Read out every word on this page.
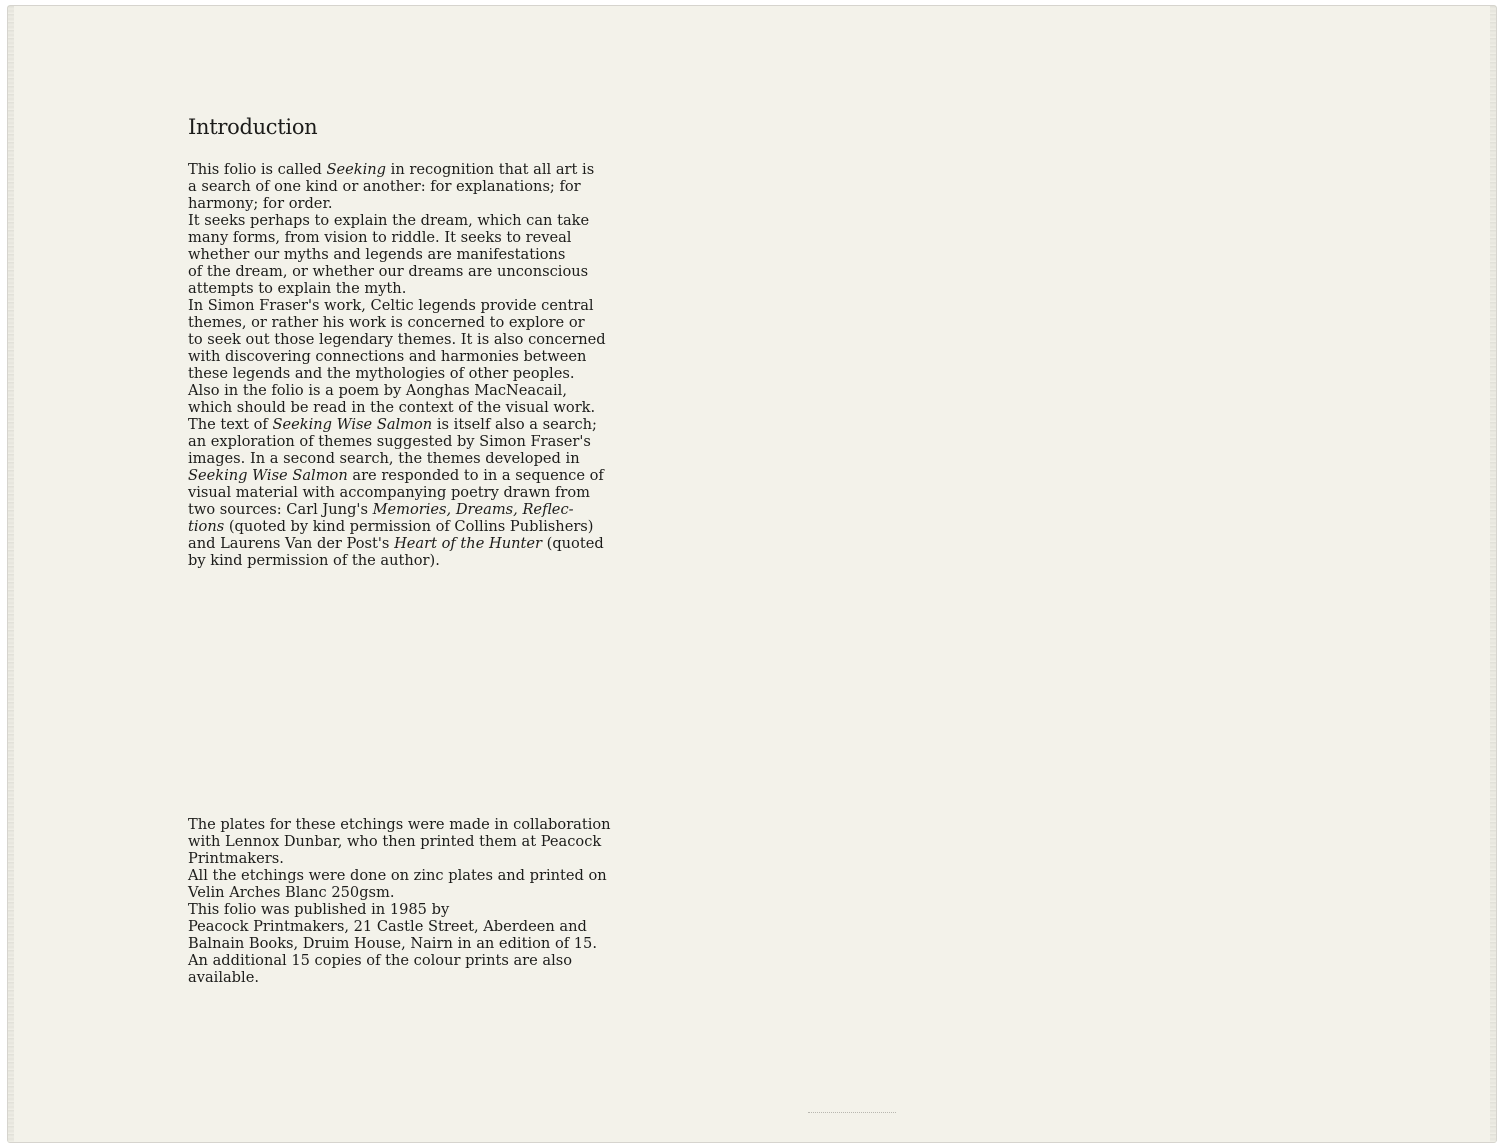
Introduction
This folio is called Seeking in recognition that all art is
a search of one kind or another: for explanations; for
harmony; for order.
It seeks perhaps to explain the dream, which can take
many forms, from vision to riddle. It seeks to reveal
whether our myths and legends are manifestations
of the dream, or whether our dreams are unconscious
attempts to explain the myth.
In Simon Fraser's work, Celtic legends provide central
themes, or rather his work is concerned to explore or
to seek out those legendary themes. It is also concerned
with discovering connections and harmonies between
these legends and the mythologies of other peoples.
Also in the folio is a poem by Aonghas MacNeacail,
which should be read in the context of the visual work.
The text of Seeking Wise Salmon is itself also a search;
an exploration of themes suggested by Simon Fraser's
images. In a second search, the themes developed in
Seeking Wise Salmon are responded to in a sequence of
visual material with accompanying poetry drawn from
two sources: Carl Jung's Memories, Dreams, Reflec-
tions (quoted by kind permission of Collins Publishers)
and Laurens Van der Post's Heart of the Hunter (quoted
by kind permission of the author).
The plates for these etchings were made in collaboration
with Lennox Dunbar, who then printed them at Peacock
Printmakers.
All the etchings were done on zinc plates and printed on
Velin Arches Blanc 250gsm.
This folio was published in 1985 by
Peacock Printmakers, 21 Castle Street, Aberdeen and
Balnain Books, Druim House, Nairn in an edition of 15.
An additional 15 copies of the colour prints are also
available.
